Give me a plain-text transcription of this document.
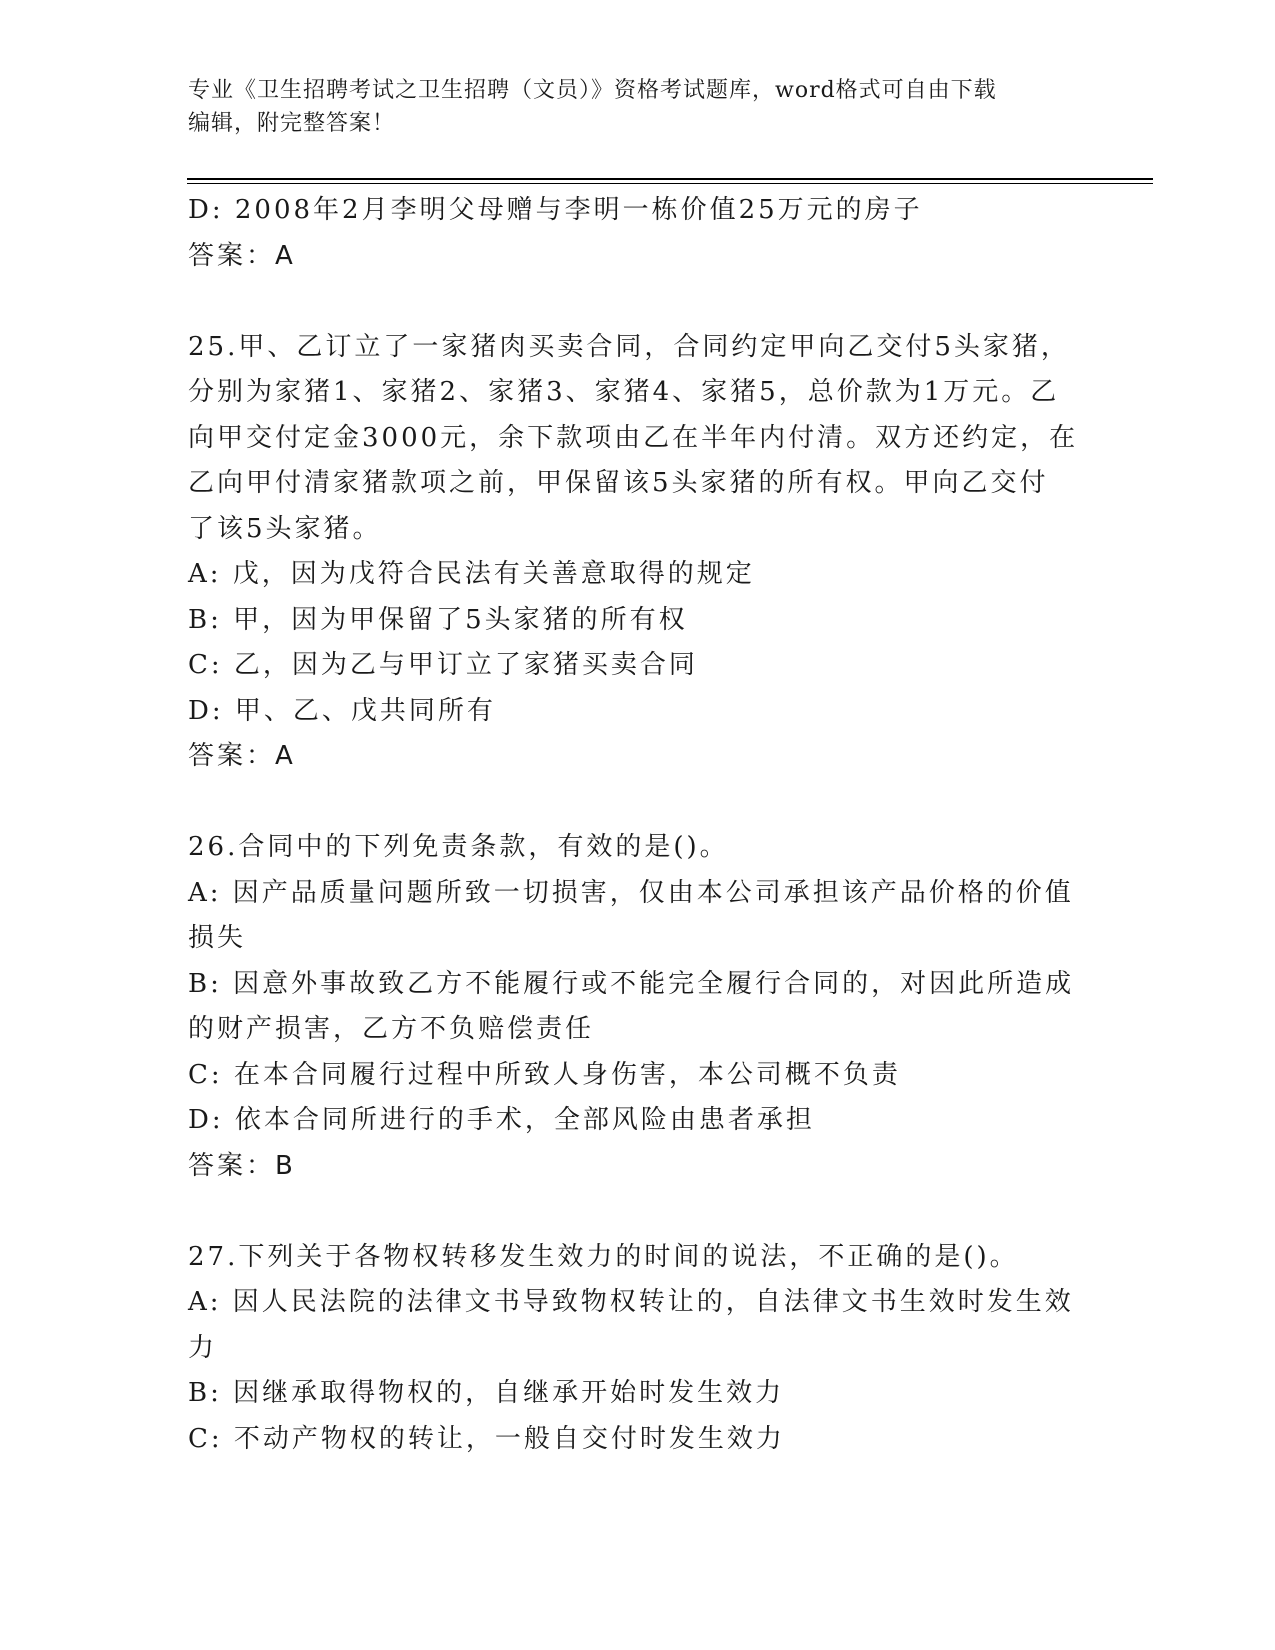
专业《卫生招聘考试之卫生招聘（文员）》资格考试题库，word格式可自由下载
编辑，附完整答案！
D: 2008年2月李明父母赠与李明一栋价值25万元的房子
答案：A
25.甲、乙订立了一家猪肉买卖合同，合同约定甲向乙交付5头家猪，
分别为家猪1、家猪2、家猪3、家猪4、家猪5，总价款为1万元。乙
向甲交付定金3000元，余下款项由乙在半年内付清。双方还约定，在
乙向甲付清家猪款项之前，甲保留该5头家猪的所有权。甲向乙交付
了该5头家猪。
A: 戊，因为戊符合民法有关善意取得的规定
B: 甲，因为甲保留了5头家猪的所有权
C: 乙，因为乙与甲订立了家猪买卖合同
D: 甲、乙、戊共同所有
答案：A
26.合同中的下列免责条款，有效的是()。
A: 因产品质量问题所致一切损害，仅由本公司承担该产品价格的价值
损失
B: 因意外事故致乙方不能履行或不能完全履行合同的，对因此所造成
的财产损害，乙方不负赔偿责任
C: 在本合同履行过程中所致人身伤害，本公司概不负责
D: 依本合同所进行的手术，全部风险由患者承担
答案：B
27.下列关于各物权转移发生效力的时间的说法，不正确的是()。
A: 因人民法院的法律文书导致物权转让的，自法律文书生效时发生效
力
B: 因继承取得物权的，自继承开始时发生效力
C: 不动产物权的转让，一般自交付时发生效力
